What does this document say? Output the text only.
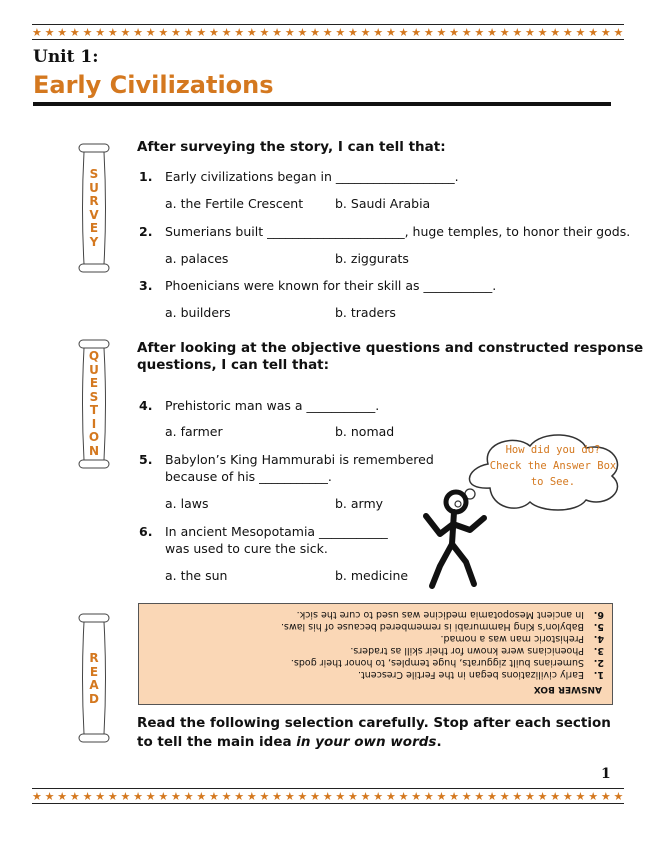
★ ★ ★ ★ ★ ★ ★ ★ ★ ★ ★ ★ ★ ★ ★ ★ ★ ★ ★ ★ ★ ★ ★ ★ ★ ★ ★ ★ ★ ★ ★ ★ ★ ★ ★ ★ ★ ★ ★ ★ ★ ★ ★ ★ ★ ★ ★
Unit 1:
Early Civilizations
S
U
R
V
E
Y
Q
U
E
S
T
I
O
N
R
E
A
D
After surveying the story, I can tell that:
1. Early civilizations began in ___________________.
a. the Fertile Crescent	b. Saudi Arabia
2. Sumerians built ______________________, huge temples, to honor their gods.
a. palaces	b. ziggurats
3. Phoenicians were known for their skill as ___________.
a. builders	b. traders
After looking at the objective questions and constructed response
questions, I can tell that:
4. Prehistoric man was a ___________.
a. farmer	b. nomad
5. Babylon’s King Hammurabi is remembered
because of his ___________.
a. laws	b. army
6. In ancient Mesopotamia ___________
was used to cure the sick.
a. the sun	b. medicine
How did you do?
Check the Answer Box
to See.
ANSWER BOX
1.Early civilizations began in the Fertile Crescent.
2.Sumerians built ziggurats, huge temples, to honor their gods.
3.Phoenicians were known for their skill as traders.
4.Prehistoric man was a nomad.
5.Babylon’s King Hammurabi is remembered because of his laws.
6.In ancient Mesopotamia medicine was used to cure the sick.
Read the following selection carefully. Stop after each section to tell the main idea in your own words.
1
★ ★ ★ ★ ★ ★ ★ ★ ★ ★ ★ ★ ★ ★ ★ ★ ★ ★ ★ ★ ★ ★ ★ ★ ★ ★ ★ ★ ★ ★ ★ ★ ★ ★ ★ ★ ★ ★ ★ ★ ★ ★ ★ ★ ★ ★ ★
